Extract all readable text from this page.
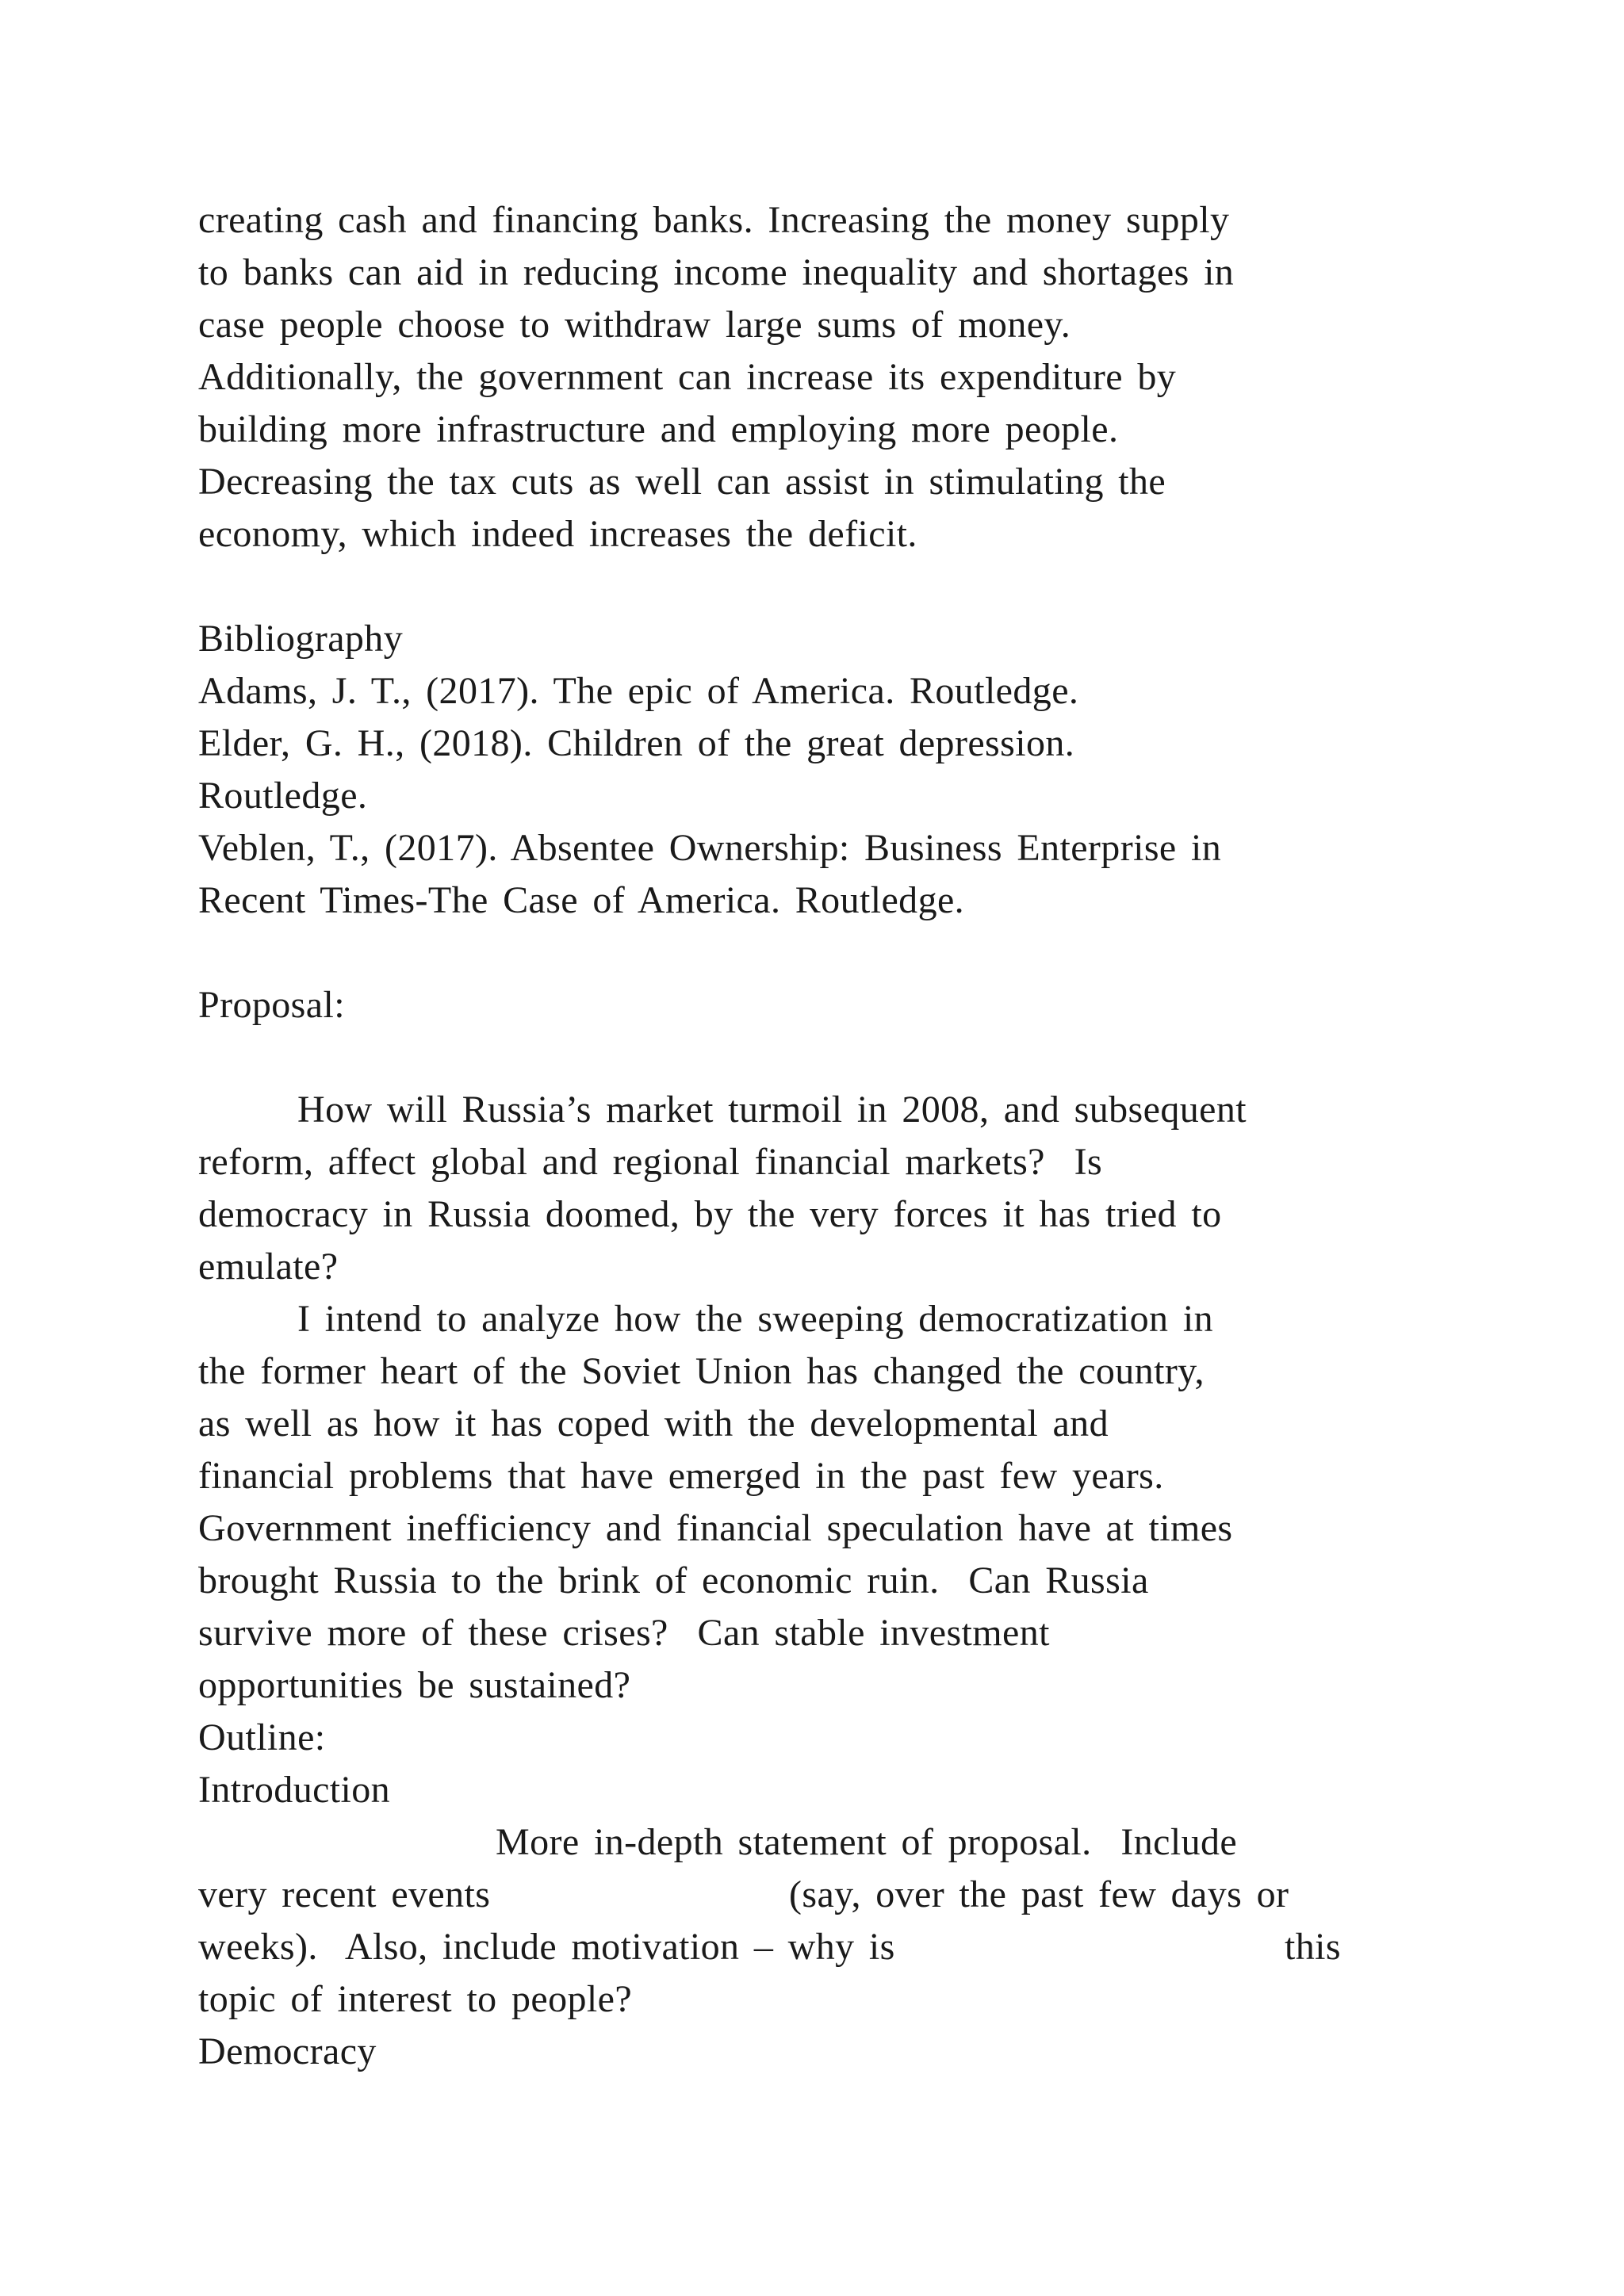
creating cash and financing banks. Increasing the money supply

to banks can aid in reducing income inequality and shortages in

case people choose to withdraw large sums of money.

Additionally, the government can increase its expenditure by

building more infrastructure and employing more people.

Decreasing the tax cuts as well can assist in stimulating the

economy, which indeed increases the deficit.

Bibliography

Adams, J. T., (2017). The epic of America. Routledge.

Elder, G. H., (2018). Children of the great depression.

Routledge.

Veblen, T., (2017). Absentee Ownership: Business Enterprise in

Recent Times-The Case of America. Routledge.

Proposal:

How will Russia’s market turmoil in 2008, and subsequent

reform, affect global and regional financial markets?  Is

democracy in Russia doomed, by the very forces it has tried to

emulate?

I intend to analyze how the sweeping democratization in

the former heart of the Soviet Union has changed the country,

as well as how it has coped with the developmental and

financial problems that have emerged in the past few years.

Government inefficiency and financial speculation have at times

brought Russia to the brink of economic ruin.  Can Russia

survive more of these crises?  Can stable investment

opportunities be sustained?

Outline:

Introduction

More in-depth statement of proposal.  Include

very recent events	(say, over the past few days or

weeks).  Also, include motivation – why is	this

topic of interest to people?

Democracy
